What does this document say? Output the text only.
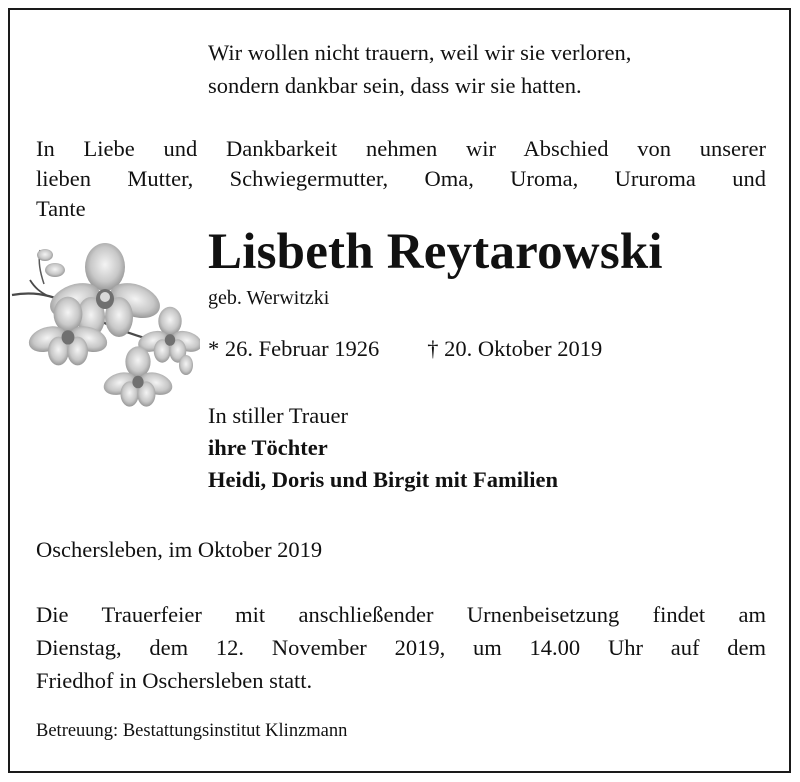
Wir wollen nicht trauern, weil wir sie verloren,
sondern dankbar sein, dass wir sie hatten.

In Liebe und Dankbarkeit nehmen wir Abschied von unserer
lieben Mutter, Schwiegermutter, Oma, Uroma, Ururoma und
Tante

Lisbeth Reytarowski

geb. Werwitzki

* 26. Februar 1926 † 20. Oktober 2019

In stiller Trauer
ihre Töchter
Heidi, Doris und Birgit mit Familien

Oschersleben, im Oktober 2019

Die Trauerfeier mit anschließender Urnenbeisetzung findet am
Dienstag, dem 12. November 2019, um 14.00 Uhr auf dem
Friedhof in Oschersleben statt.

Betreuung: Bestattungsinstitut Klinzmann
